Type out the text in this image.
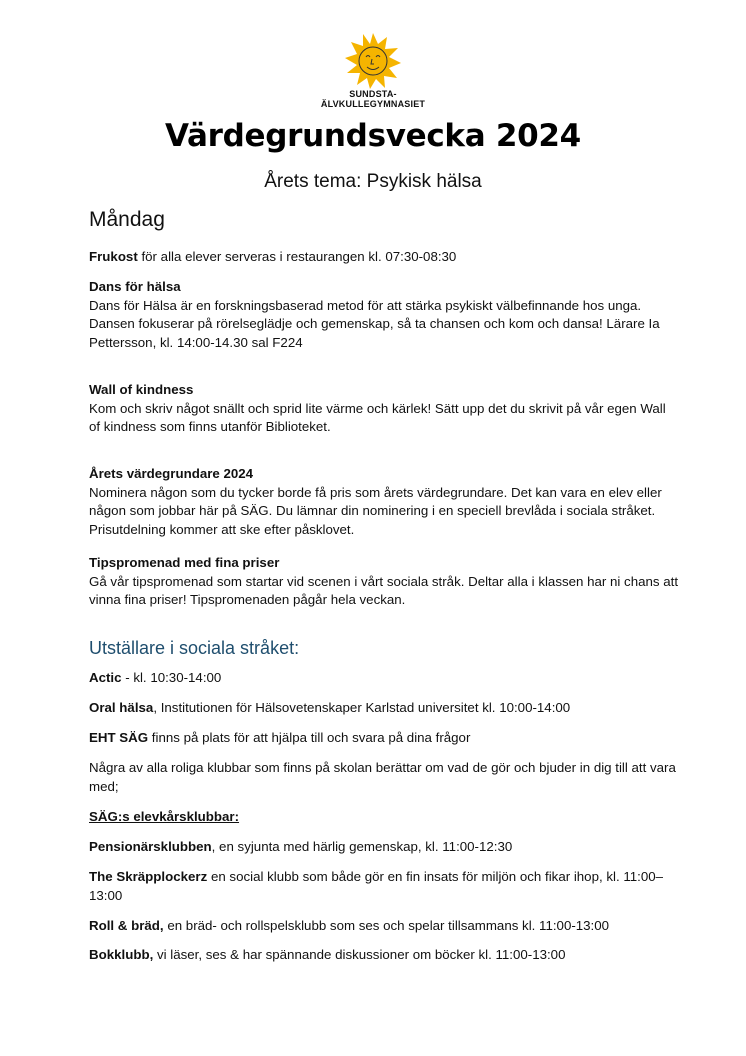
SUNDSTA-
ÄLVKULLEGYMNASIET
Värdegrundsvecka 2024
Årets tema: Psykisk hälsa
Måndag
Frukost för alla elever serveras i restaurangen kl. 07:30-08:30
Dans för hälsa
Dans för Hälsa är en forskningsbaserad metod för att stärka psykiskt välbefinnande hos unga. Dansen fokuserar på rörelseglädje och gemenskap, så ta chansen och kom och dansa! Lärare Ia Pettersson, kl. 14:00-14.30 sal F224
Wall of kindness
Kom och skriv något snällt och sprid lite värme och kärlek! Sätt upp det du skrivit på vår egen Wall of kindness som finns utanför Biblioteket.
Årets värdegrundare 2024
Nominera någon som du tycker borde få pris som årets värdegrundare. Det kan vara en elev eller någon som jobbar här på SÄG. Du lämnar din nominering i en speciell brevlåda i sociala stråket. Prisutdelning kommer att ske efter påsklovet.
Tipspromenad med fina priser
Gå vår tipspromenad som startar vid scenen i vårt sociala stråk. Deltar alla i klassen har ni chans att vinna fina priser! Tipspromenaden pågår hela veckan.
Utställare i sociala stråket:
Actic - kl. 10:30-14:00
Oral hälsa, Institutionen för Hälsovetenskaper Karlstad universitet kl. 10:00-14:00
EHT SÄG finns på plats för att hjälpa till och svara på dina frågor
Några av alla roliga klubbar som finns på skolan berättar om vad de gör och bjuder in dig till att vara med;
SÄG:s elevkårsklubbar:
Pensionärsklubben, en syjunta med härlig gemenskap, kl. 11:00-12:30
The Skräpplockerz en social klubb som både gör en fin insats för miljön och fikar ihop, kl. 11:00–13:00
Roll & bräd, en bräd- och rollspelsklubb som ses och spelar tillsammans kl. 11:00-13:00
Bokklubb, vi läser, ses & har spännande diskussioner om böcker kl. 11:00-13:00
